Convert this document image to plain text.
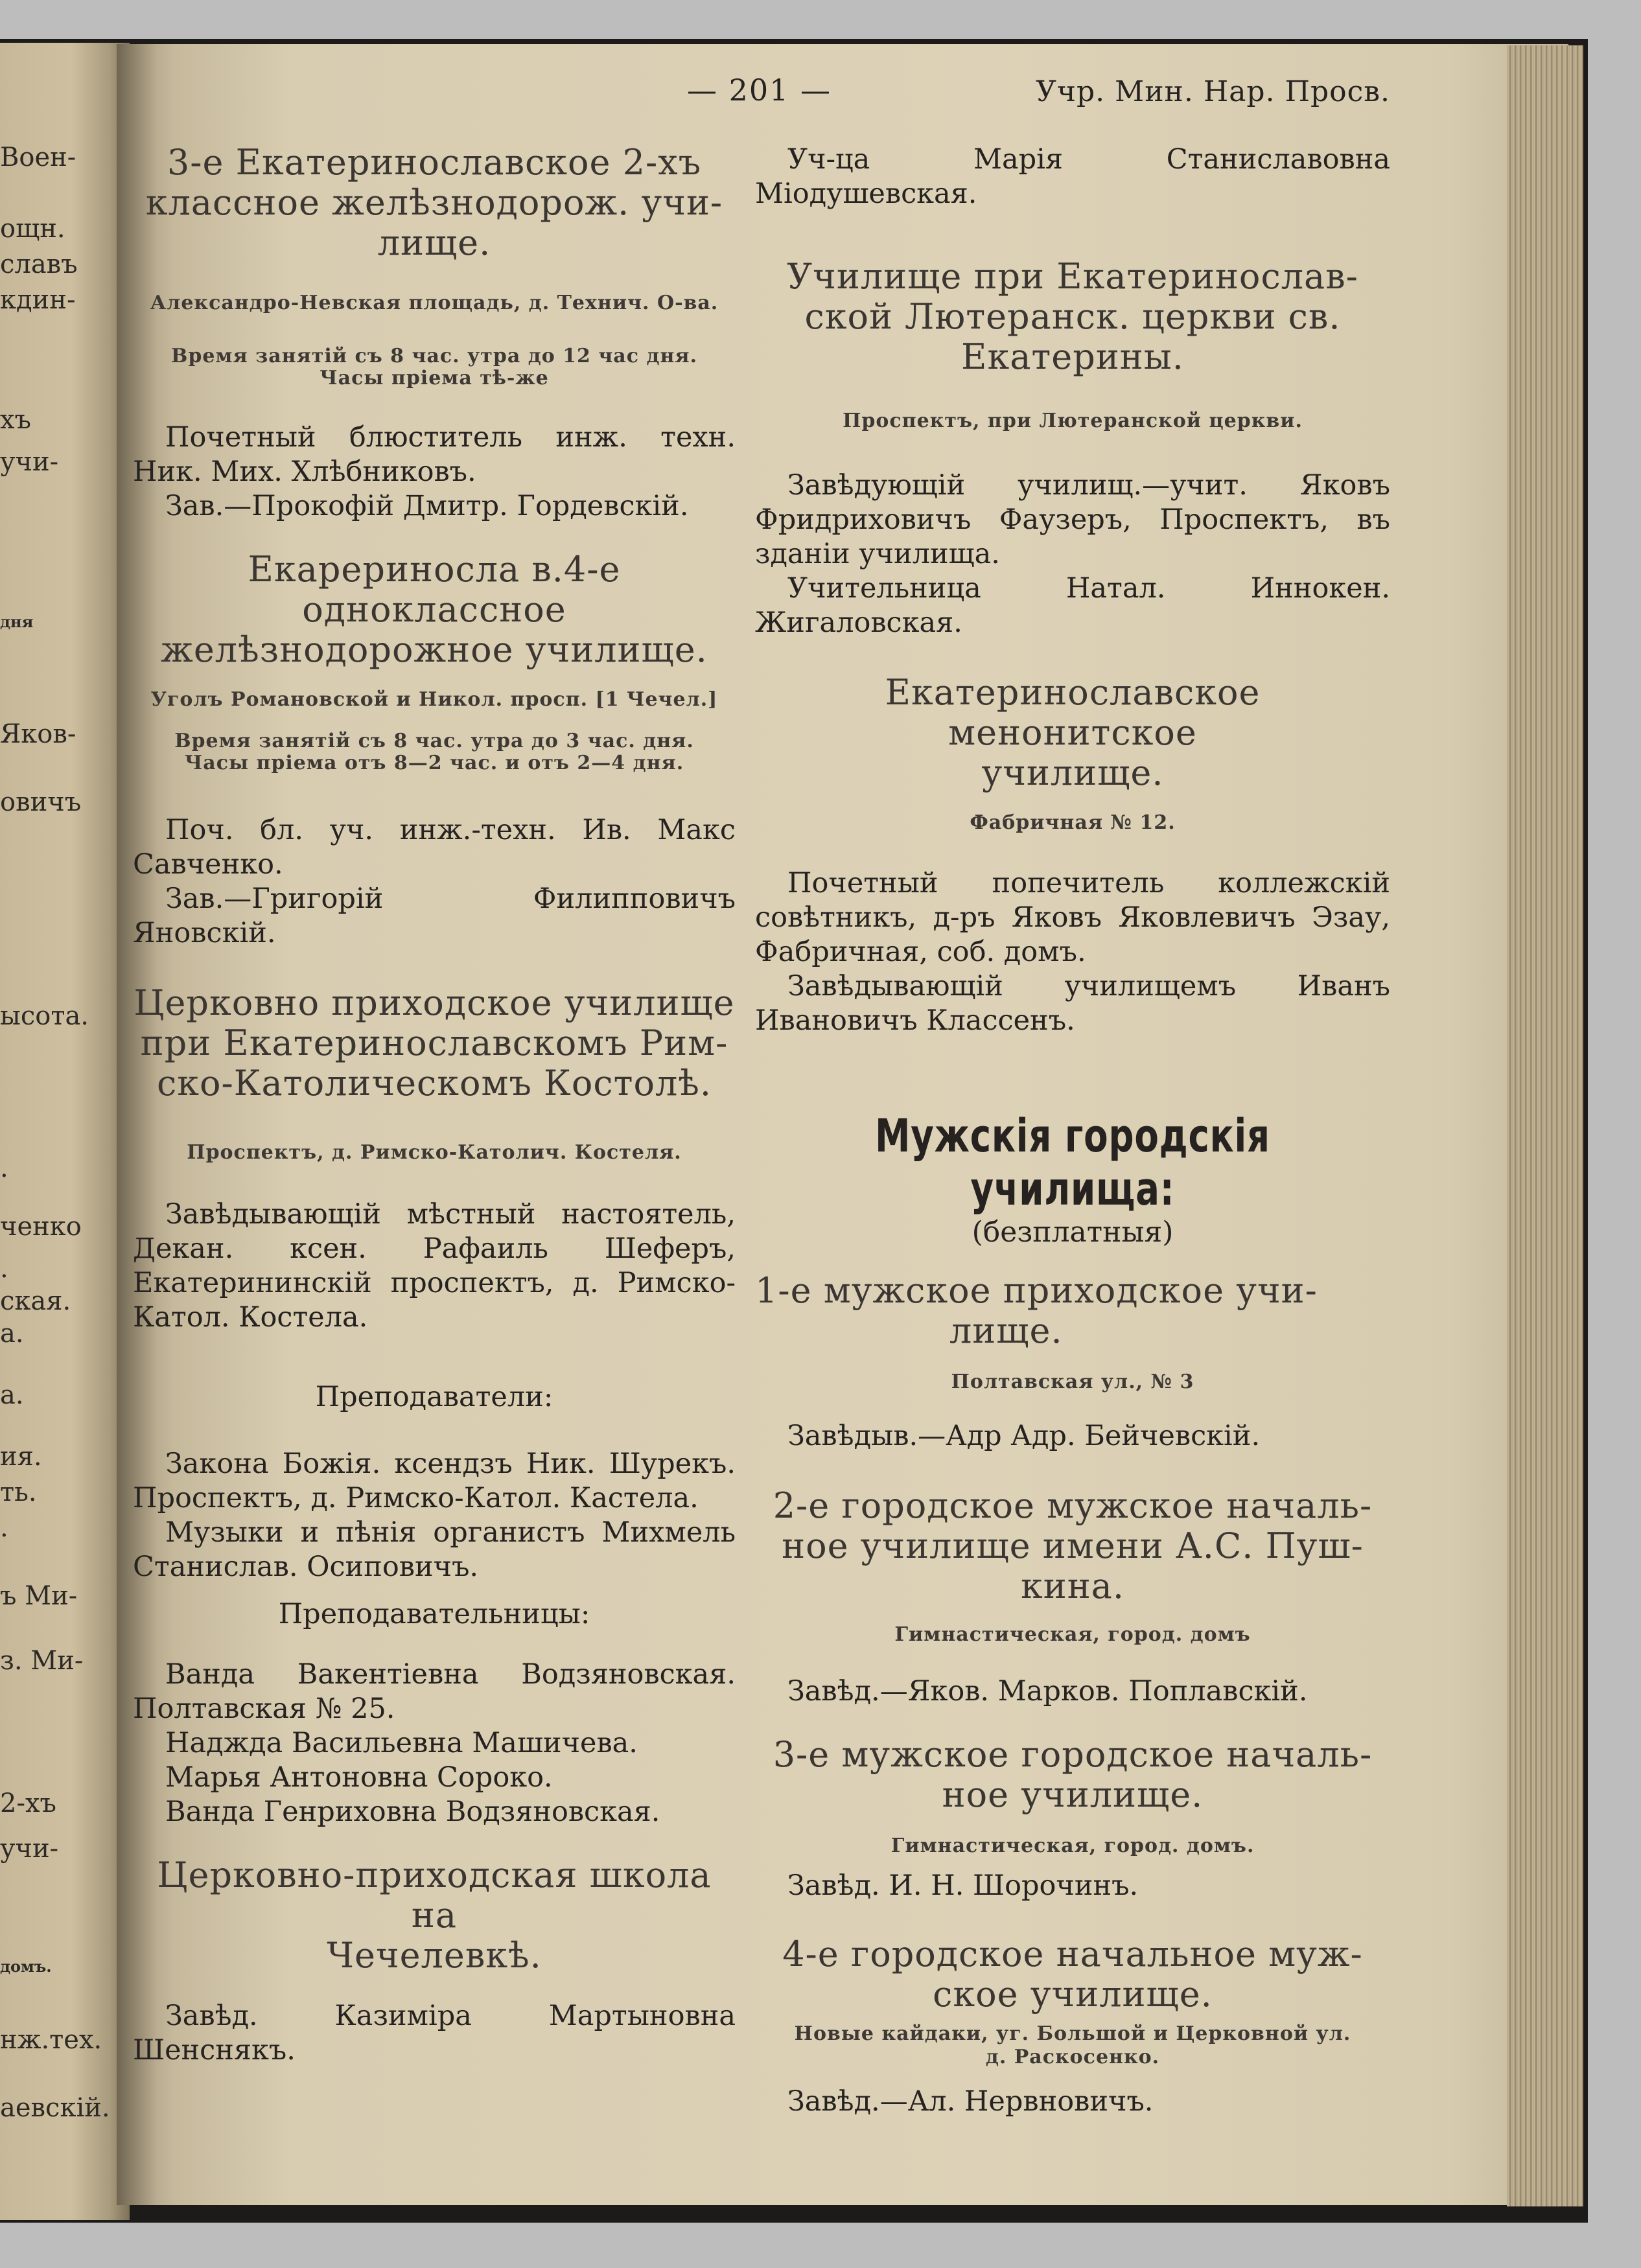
Воен-
ощн.
славъ
кдин-
хъ
учи-
дня
Яков-
овичъ
ысота.
.
ченко
.
ская.
а.
а.
ия.
ть.
.
ъ Ми-
з. Ми-
2-хъ
учи-
домъ.
нж.тех.
аевскій.
— 201 —	Учр. Мин. Нар. Просв.

3-е Екатеринославское 2-хъ
классное желѣзнодорож. учи-
лище.

Александро-Невская площадь, д. Технич. О-ва.

Время занятій съ 8 час. утра до 12 час дня.
Часы пріема тѣ-же

Почетный блюститель инж. техн. Ник. Мих. Хлѣбниковъ.

Зав.—Прокофій Дмитр. Гордевскій.

Екарериносла в.4-е одноклассное
желѣзнодорожное училище.

Уголъ Романовской и Никол. просп. [1 Чечел.]

Время занятій съ 8 час. утра до 3 час. дня.
Часы пріема отъ 8—2 час. и отъ 2—4 дня.

Поч. бл. уч. инж.-техн. Ив. Макс Савченко.

Зав.—Григорій Филипповичъ Яновскій.

Церковно приходское училище
при Екатеринославскомъ Рим-
ско-Католическомъ Костолѣ.

Проспектъ, д. Римско-Католич. Костеля.

Завѣдывающій мѣстный настоятель, Декан. ксен. Рафаиль Шеферъ, Екатерининскій проспектъ, д. Римско-Катол. Костела.

Преподаватели:

Закона Божія. ксендзъ Ник. Шурекъ. Проспектъ, д. Римско-Катол. Кастела.

Музыки и пѣнія органистъ Михмель Станислав. Осиповичъ.

Преподавательницы:

Ванда Вакентіевна Водзяновская. Полтавская № 25.

Наджда Васильевна Машичева.

Марья Антоновна Сороко.

Ванда Генриховна Водзяновская.

Церковно-приходская школа на
Чечелевкѣ.

Завѣд. Казиміра Мартыновна Шенснякъ.

Уч-ца Марія Станиславовна Міодушевская.

Училище при Екатеринослав-
ской Лютеранск. церкви св.
Екатерины.

Проспектъ, при Лютеранской церкви.

Завѣдующій училищ.—учит. Яковъ Фридриховичъ Фаузеръ, Проспектъ, въ зданіи училища.

Учительница Натал. Иннокен. Жигаловская.

Екатеринославское менонитское
училище.

Фабричная № 12.

Почетный попечитель коллежскій совѣтникъ, д-ръ Яковъ Яковлевичъ Эзау, Фабричная, соб. домъ.

Завѣдывающій училищемъ Иванъ Ивановичъ Классенъ.

Мужскія городскія училища:

(безплатныя)

1-е мужское приходское учи-
лище.

Полтавская ул., № 3

Завѣдыв.—Адр Адр. Бейчевскій.

2-е городское мужское началь-
ное училище имени А.С. Пуш-
кина.

Гимнастическая, город. домъ

Завѣд.—Яков. Марков. Поплавскій.

3-е мужское городское началь-
ное училище.

Гимнастическая, город. домъ.

Завѣд. И. Н. Шорочинъ.

4-е городское начальное муж-
ское училище.

Новые кайдаки, уг. Большой и Церковной ул.
д. Раскосенко.

Завѣд.—Ал. Нервновичъ.
